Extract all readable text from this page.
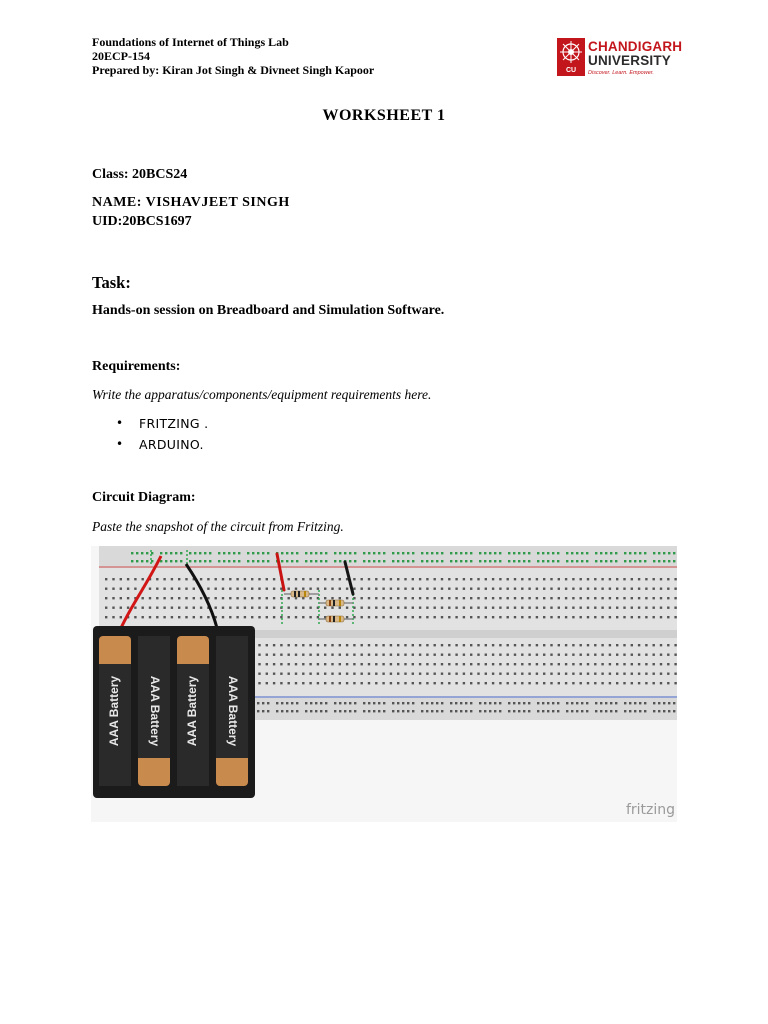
Foundations of Internet of Things Lab
20ECP-154
Prepared by: Kiran Jot Singh & Divneet Singh Kapoor	CU
CHANDIGARH
UNIVERSITY
Discover. Learn. Empower.
WORKSHEET 1
Class: 20BCS24
NAME: VISHAVJEET SINGH
UID:20BCS1697
Task:
Hands-on session on Breadboard and Simulation Software.
Requirements:
Write the apparatus/components/equipment requirements here.
• FRITZING .
• ARDUINO.
Circuit Diagram:
Paste the snapshot of the circuit from Fritzing.
AAA Battery AAA Battery AAA Battery AAA Battery
fritzing
